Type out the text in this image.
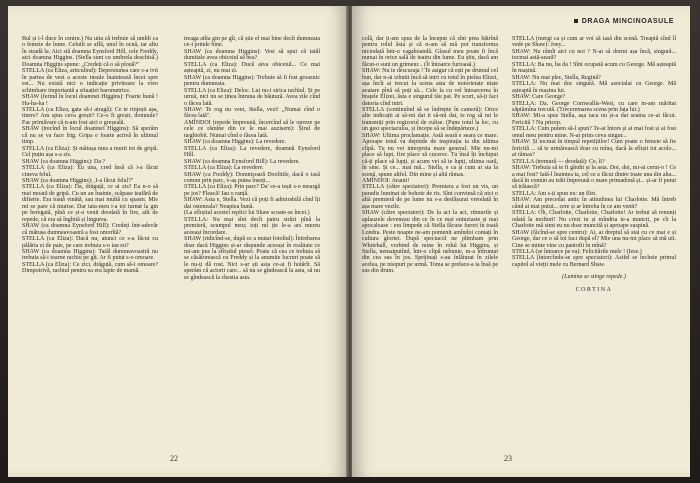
Bul și i-l duce în centru.) Nu uita că trebuie să umbli ca o femeie de lume. Celuilt se află, unul în ocnă, iar altu în stradă la. Aici stă doamna Eynsford Hill, cele Freddy, aici doamna Higgins. (Stella sunt cu umbrela deschisă.) Doamna Higgins spune: „Credeți că o să plouă?"

STELLA (ca Eliza, articulind): Depresiunea care s-a ivit în partea de vest a aceste insule înaintează încet spre est... Nu există nici o indicație privitoare la vreo schimbare importantă a situației barometrice.

SHAW (ferind în locul doamnei Higgins): Foarte bună ! Ha-ha-ha !

STELLA (ca Eliza, gata să-i atragă): Ce te rinjești așa, tinere? Am spus ceva greșit? Ce-o fi greșit, domnule? Fac primăvare că n-am fost aici o greșeală.

SHAW (trecînd în locul doamnei Higgins): Să sperăm că nu se va face frig. Gripa e foarte activă în ultimul timp.

STELLA (ca Eliza): Și mătușa mea a murit tot de gripă. Cel puțin așa s-a zis.

SHAW (ca doamna Higgins): Da ?

STELLA (ca Eliza): Eu una, cred însă că i-a făcut cineva felul.

SHAW (ca doamna Higgins): ,I-a făcut felul?"

STELLA (ca Eliza): Da, drăguță, ce ai zis? Ea n-o să mai moară de gripă. Cu un an înainte, scăpase teafără de difterie. Era toată vinătă, sau mai multă cu spasm. Mie mi se pare că murise. Dar tata-meu i-a tot turnat la gin pe beregată, pînă ce și-a venit deodată în fire, atît de repede, că era să înghită și lingurea.

SHAW (ca doamna Eynsford Hill): Credeți într-adevăr că mătușa dumneavoastră a fost omorîtă?

STELLA (ca Eliza): Dacă nu, atunci ce s-a făcut cu pălăria ei de paie, pe care trebuia s-o iau eu?

SHAW (ca doamna Higgins): Tatăl dumneavoastră nu trebuia să-i toarne rachiu pe gît. Ar fi putut s-o omoare.

STELLA (ca Eliza): Ce zici, drăguță, cum să-i omoare? Dimpotrivă, rachiul pentru ea era lapte de mamă.

treaga atîta gin pe gît, că știe el mai bine decît dumneata ce-i prinde bine.

SHAW (ca doamna Higgins): Vesi să spui că tatăl dumitale avea obiceiul să bea?

STELLA (ca Eliza): Ducă aiva obiceiul... Ce mai așteaptă, zi, nu mai zi.

SHAW (ca doamna Higgins): Trebuie să fi fost groaznic pentru dumneata.

STELLA (ca Eliza): Deloc. Lui nu-i strica rachiul. Și pe urmă, nici nu se ținea întruna de băutură. Avea zile cînd o făcea lată.

SHAW: Te rog nu veni, Stella, vezi! „Numai cînd o făcea lată".

AMÎNDOI (repede împreună, încercînd să le opreze pe cele ce rămîne din ce le mai auzisem): Șirul de neghiobii. Numai cînd o făcea lată.

SHAW (ca doamna Higgins): La revedere.

STELLA (ca Eliza): La revedere, doamnă Eynsford Hill.

SHAW (ca doamna Eynsford Hill): La revedere.

STELLA (ca Eliza): La revedere.

SHAW (ca Freddy): Domnișoară Doolittle, dacă o iasă comun prin parc, v-aș putea însoți...

STELLA (ca Eliza): Prin parc? Da' ce-a ieșit s-o meargă pe jos? Fleacă! Iau o ranță.

SHAW: Asta e, Stella. Vezi că poți fi admirabilă cînd îți dai osteneala? Noaptea bună.

(La sfîrșitul acestei replici lui Shaw scoate-se încet.)

STELLA: Nu mai sînt decît patru străzi pînă la premieră, scumpul meu; toți mi ție le-a ars mereu aceeași încordare.

SHAW (ridicînd-se, după ce a mutat fotoliul): Întrebarea doar dacă Higgins și-ar răspunde aceeași în realitate ce mi-am pus la sfîrșitul piesei. Poate că cea ce trebuia să se căsătorească cu Freddy și la anumite lucruri poate să le nu-ți dă rost. Nici s-ar ști asta ce-ai fi hotărît. Să sperăm că actorii care... să nu se gîndească la asta, să nu se gîndească la chestia asta.

22
DRAGA MINCINOASULE

colă, dar ți-am spus de la început că sînt prea bătrînă pentru rolul ăsta și că n-am să mă pot transforma niciodată într-o vagaboandă. Glasul meu poate fi încă numai în orice sală de teatru din lume. Eu știu, dacă am făcut-o sunt un grimeur... (Îi întoarce furioasă.)

SHAW: Nu te descuraja ! Te asigur că ești pe drumul cel bun, dar n-ai izbutit încă să intri cu totul în pielea Elizei, așa încît ai trecut la scena asta de notorietate niște avatare pînă să poți să... Cele la cu vel întoarcerea în brațele Elizei, ăsta e singurul tău pat. Pe scurt, să-ți faci datoria cînd intri.

STELLA (continuînd să se îndrepte în cameră): Orice alte indicații ai să-mi dai ti să-mi dai, te rog să mi le transmiți prin regizorul de culise. (Pune totul la loc, cu un gest spectaculos, și începe să se îndepărteze.)

SHAW: Ultima proclamație. Astă seară e seara ce mare. Aproape totul va depinde de inspirația ta din ultima clipă. Tu nu vei interpreta mare general. Mie nu-mi place să lupt, fire place să cucerec. Tu însă îți închipui că-ți place să lupți, și acum vei să te lupți, ultima oară, în sine. Și ce... mai mă... Stella, e ca și cum ai sta la scenă, spune altfel. Din mine și altă rămas.

AMÎNDOI: Avanti!

STELLA (către spectatori): Premiera a fost un vis, un paradis luminat de bohote de ris. Sînt convinsă că nici o altă premieră de pe lume nu s-a desfășurat vreodată în așa mare vezile.

SHAW (către spectatori): De la act la act, ritmurile și aplauzele deveneau din ce în ce mai entuziaste și mai apocaloase : era limpede că Stella făcuse furori în toată Londra. Peste noapte ne-am pomenit amîndoi contați în cultura gloriei. După spectacol ne plimbam prin Whitehall, vorbind de mine în rolul lui Higgins, și Stella, nemaiputînd, într-o clipă nebunie, m-a înfruntat din cea sus în jos. Sprijinați s-au înlăturat în zilele acelea, pe nisipuri pe urmă. Toma se preface-a ia însă pe sus din drum.

STELLA (mergi ca și cum ar voi să iasă din scenă. Treaptă cînd îl vede pe Shaw): Joey...

SHAW: Nu rămîi aici cu noi ? N-ai să dormi așa încă, singură... tocmai astă-seară?

STELLA: Ba nu, ba da ! Sînt ocupată acum cu George. Mă așteaptă în mașină.

SHAW: Nu mai plec, Stella, Regină?

STELLA: Nu mai doc singură. Mă asocialat cu George. Mă așteaptă în mașina lui.

SHAW: Care George?

STELLA: Da. George Cornwallis-West, cu care m-am măritat săptămîna trecută. (Treceremarea scena prin fața lui.)

SHAW: Mi-a spus Stella, așa iaca nu și-a dat seama ce-ai făcut. Fericită ? Nu pricep.

STELLA: Cum putem să-l spun? Te-ai întors și ai mai fost și ai fost omul meu pentru mine. N-ai prins ceva singur...

SHAW: Și tocmai în timpul repetițiilor! Cum poate o femeie să fie fericită ... să te urmărească doar cu mîna, dacă la sfîrșit tot acolo... ai rămas?

STELLA (tremură — deodată): Ce, îi?

SHAW: Trebuia să te fi gîndit și la asta. Doi, doi, mi-ai cerut-o ! Ce a mai fost? Iată-l înaintea ta, cel ce a făcut dintre toate una din alta... dacă în comun au trăit împreună o mare primadonă și... și-ar fi putut să trăiască?

STELLA: Am s-ți spun eu: un flirt.

SHAW: Am precedat antic în atitudinea lui Charlotte. Mă întreb când ai mai putut... cere și ar întreba în ce am venit?

STELLA: Oh, Charlotte, Charlotte, Charlotte! Ar trebui să renunți odată la mofturi! Nu crezi tu și mîndria te-a muncit, pe cît la Charlotte mă simt eu nu doar muncită și aproape suspină.

SHAW (făcînd-se spre centru): Ai, ai dreptul să stai cu ce mai e și George, dar ce o să tot faci după el? Mie una nu-mi place să mă uit. Cine se minte vine cu pantofii în mînă?

STELLA (se întoarce pe ea): Felicitările mele ! (Iese.)

STELLA (întorcîndu-se spre spectatori): Astfel se încheie primul capitol al vieții mele cu Bernard Shaw.

(Lumina se stinge repede.)

CORTINA

23
